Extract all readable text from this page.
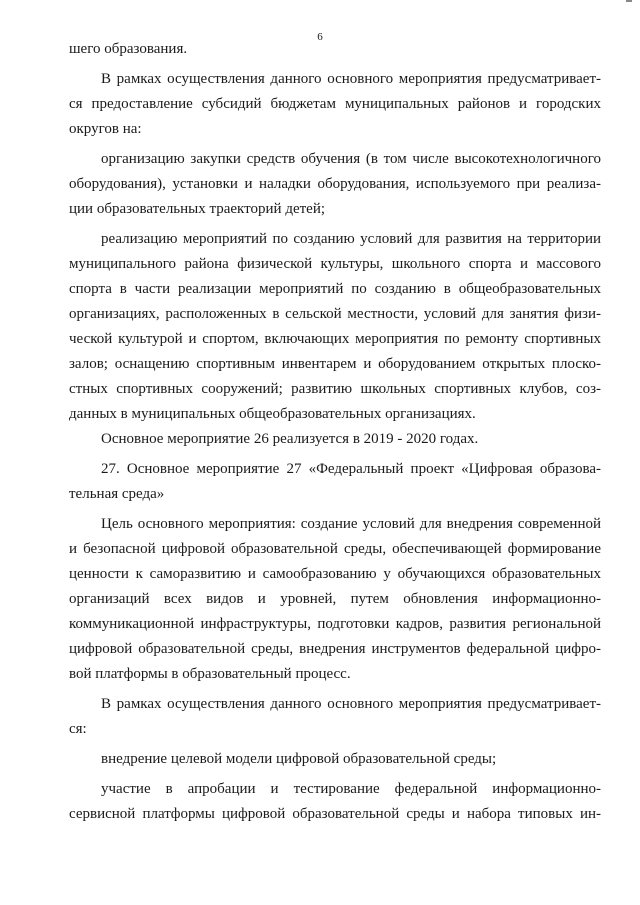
6
шего образования.
В рамках осуществления данного основного мероприятия предусматривает-
ся предоставление субсидий бюджетам муниципальных районов и городских
округов на:
организацию закупки средств обучения (в том числе высокотехнологичного
оборудования), установки и наладки оборудования, используемого при реализа-
ции образовательных траекторий детей;
реализацию мероприятий по созданию условий для развития на территории
муниципального района физической культуры, школьного спорта и массового
спорта в части реализации мероприятий по созданию в общеобразовательных
организациях, расположенных в сельской местности, условий для занятия физи-
ческой культурой и спортом, включающих мероприятия по ремонту спортивных
залов; оснащению спортивным инвентарем и оборудованием открытых плоско-
стных спортивных сооружений; развитию школьных спортивных клубов, соз-
данных в муниципальных общеобразовательных организациях.
Основное мероприятие 26 реализуется в 2019 - 2020 годах.
27. Основное мероприятие 27 «Федеральный проект «Цифровая образова-
тельная среда»
Цель основного мероприятия: создание условий для внедрения современной
и безопасной цифровой образовательной среды, обеспечивающей формирование
ценности к саморазвитию и самообразованию у обучающихся образовательных
организаций всех видов и уровней, путем обновления информационно-
коммуникационной инфраструктуры, подготовки кадров, развития региональной
цифровой образовательной среды, внедрения инструментов федеральной цифро-
вой платформы в образовательный процесс.
В рамках осуществления данного основного мероприятия предусматривает-
ся:
внедрение целевой модели цифровой образовательной среды;
участие в апробации и тестирование федеральной информационно-
сервисной платформы цифровой образовательной среды и набора типовых ин-
